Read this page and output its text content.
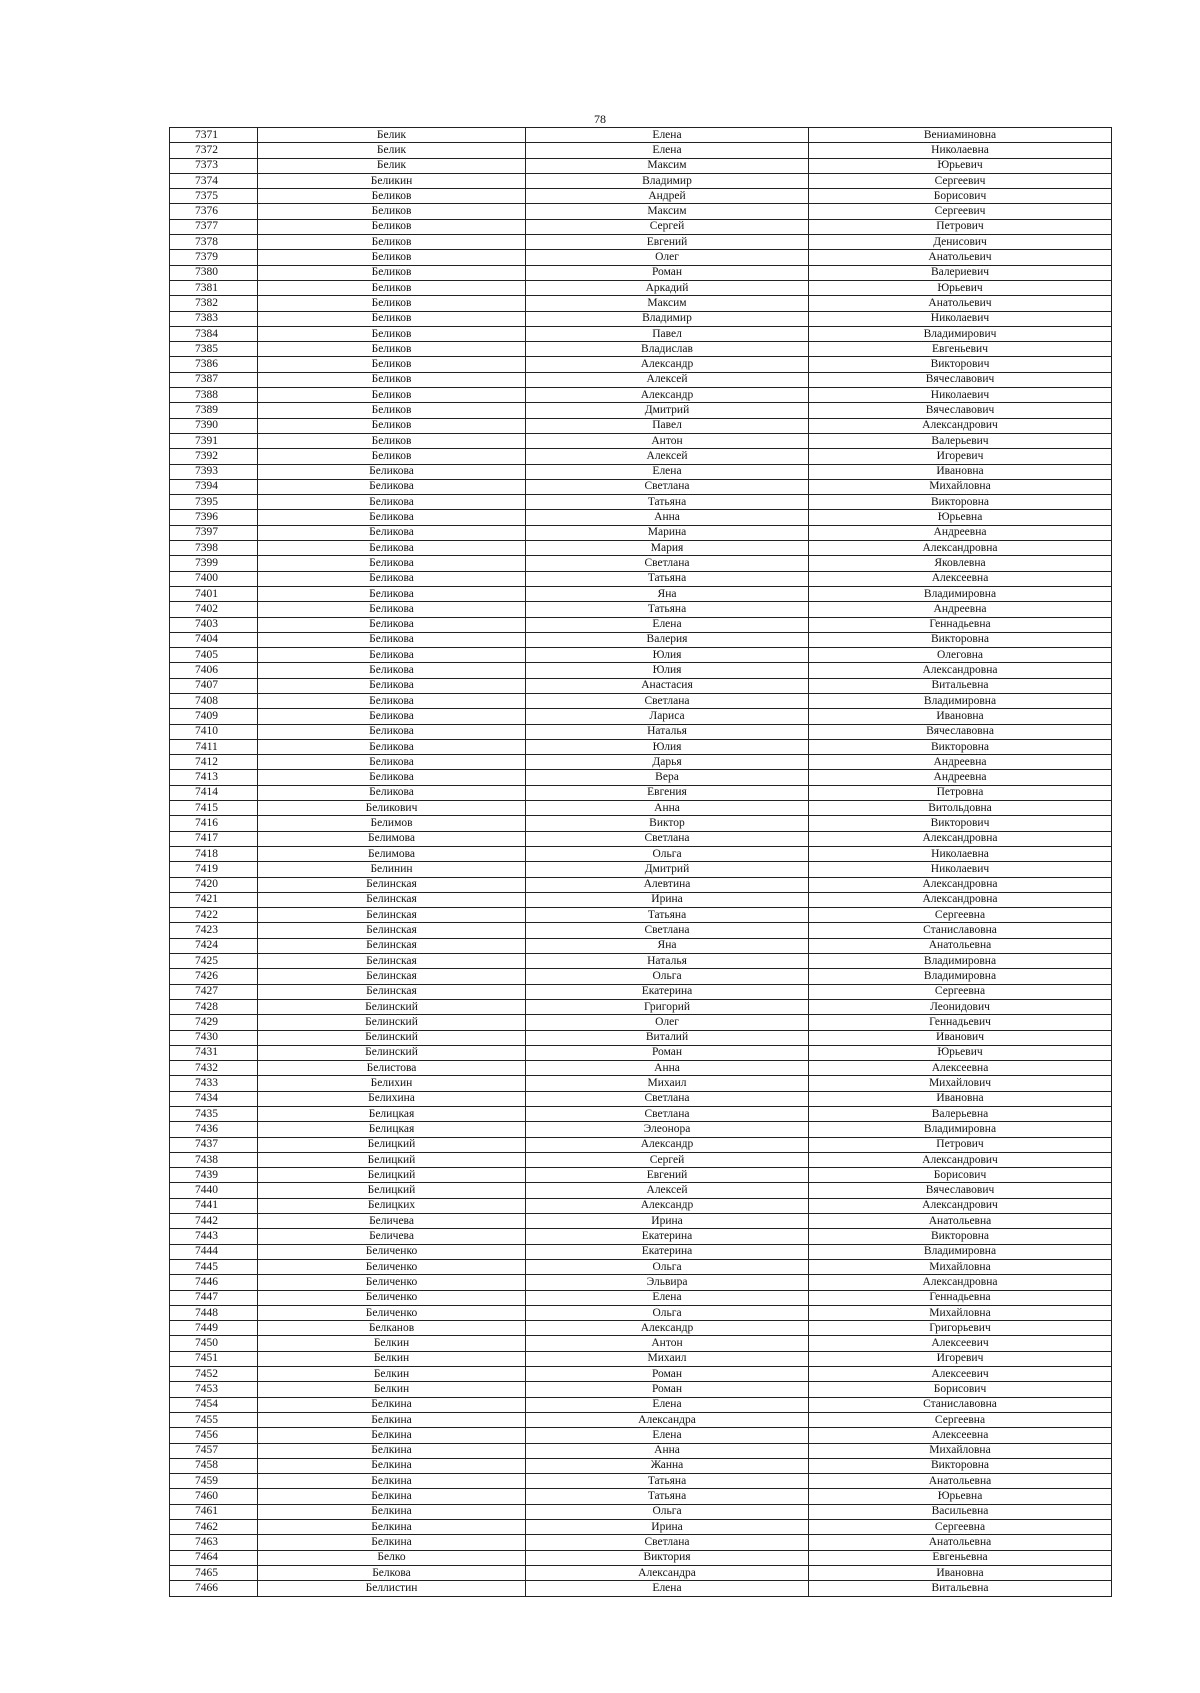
78
7371	Белик	Елена	Вениаминовна
7372	Белик	Елена	Николаевна
7373	Белик	Максим	Юрьевич
7374	Беликин	Владимир	Сергеевич
7375	Беликов	Андрей	Борисович
7376	Беликов	Максим	Сергеевич
7377	Беликов	Сергей	Петрович
7378	Беликов	Евгений	Денисович
7379	Беликов	Олег	Анатольевич
7380	Беликов	Роман	Валериевич
7381	Беликов	Аркадий	Юрьевич
7382	Беликов	Максим	Анатольевич
7383	Беликов	Владимир	Николаевич
7384	Беликов	Павел	Владимирович
7385	Беликов	Владислав	Евгеньевич
7386	Беликов	Александр	Викторович
7387	Беликов	Алексей	Вячеславович
7388	Беликов	Александр	Николаевич
7389	Беликов	Дмитрий	Вячеславович
7390	Беликов	Павел	Александрович
7391	Беликов	Антон	Валерьевич
7392	Беликов	Алексей	Игоревич
7393	Беликова	Елена	Ивановна
7394	Беликова	Светлана	Михайловна
7395	Беликова	Татьяна	Викторовна
7396	Беликова	Анна	Юрьевна
7397	Беликова	Марина	Андреевна
7398	Беликова	Мария	Александровна
7399	Беликова	Светлана	Яковлевна
7400	Беликова	Татьяна	Алексеевна
7401	Беликова	Яна	Владимировна
7402	Беликова	Татьяна	Андреевна
7403	Беликова	Елена	Геннадьевна
7404	Беликова	Валерия	Викторовна
7405	Беликова	Юлия	Олеговна
7406	Беликова	Юлия	Александровна
7407	Беликова	Анастасия	Витальевна
7408	Беликова	Светлана	Владимировна
7409	Беликова	Лариса	Ивановна
7410	Беликова	Наталья	Вячеславовна
7411	Беликова	Юлия	Викторовна
7412	Беликова	Дарья	Андреевна
7413	Беликова	Вера	Андреевна
7414	Беликова	Евгения	Петровна
7415	Беликович	Анна	Витольдовна
7416	Белимов	Виктор	Викторович
7417	Белимова	Светлана	Александровна
7418	Белимова	Ольга	Николаевна
7419	Белинин	Дмитрий	Николаевич
7420	Белинская	Алевтина	Александровна
7421	Белинская	Ирина	Александровна
7422	Белинская	Татьяна	Сергеевна
7423	Белинская	Светлана	Станиславовна
7424	Белинская	Яна	Анатольевна
7425	Белинская	Наталья	Владимировна
7426	Белинская	Ольга	Владимировна
7427	Белинская	Екатерина	Сергеевна
7428	Белинский	Григорий	Леонидович
7429	Белинский	Олег	Геннадьевич
7430	Белинский	Виталий	Иванович
7431	Белинский	Роман	Юрьевич
7432	Белистова	Анна	Алексеевна
7433	Белихин	Михаил	Михайлович
7434	Белихина	Светлана	Ивановна
7435	Белицкая	Светлана	Валерьевна
7436	Белицкая	Элеонора	Владимировна
7437	Белицкий	Александр	Петрович
7438	Белицкий	Сергей	Александрович
7439	Белицкий	Евгений	Борисович
7440	Белицкий	Алексей	Вячеславович
7441	Белицких	Александр	Александрович
7442	Беличева	Ирина	Анатольевна
7443	Беличева	Екатерина	Викторовна
7444	Беличенко	Екатерина	Владимировна
7445	Беличенко	Ольга	Михайловна
7446	Беличенко	Эльвира	Александровна
7447	Беличенко	Елена	Геннадьевна
7448	Беличенко	Ольга	Михайловна
7449	Белканов	Александр	Григорьевич
7450	Белкин	Антон	Алексеевич
7451	Белкин	Михаил	Игоревич
7452	Белкин	Роман	Алексеевич
7453	Белкин	Роман	Борисович
7454	Белкина	Елена	Станиславовна
7455	Белкина	Александра	Сергеевна
7456	Белкина	Елена	Алексеевна
7457	Белкина	Анна	Михайловна
7458	Белкина	Жанна	Викторовна
7459	Белкина	Татьяна	Анатольевна
7460	Белкина	Татьяна	Юрьевна
7461	Белкина	Ольга	Васильевна
7462	Белкина	Ирина	Сергеевна
7463	Белкина	Светлана	Анатольевна
7464	Белко	Виктория	Евгеньевна
7465	Белкова	Александра	Ивановна
7466	Беллистин	Елена	Витальевна
